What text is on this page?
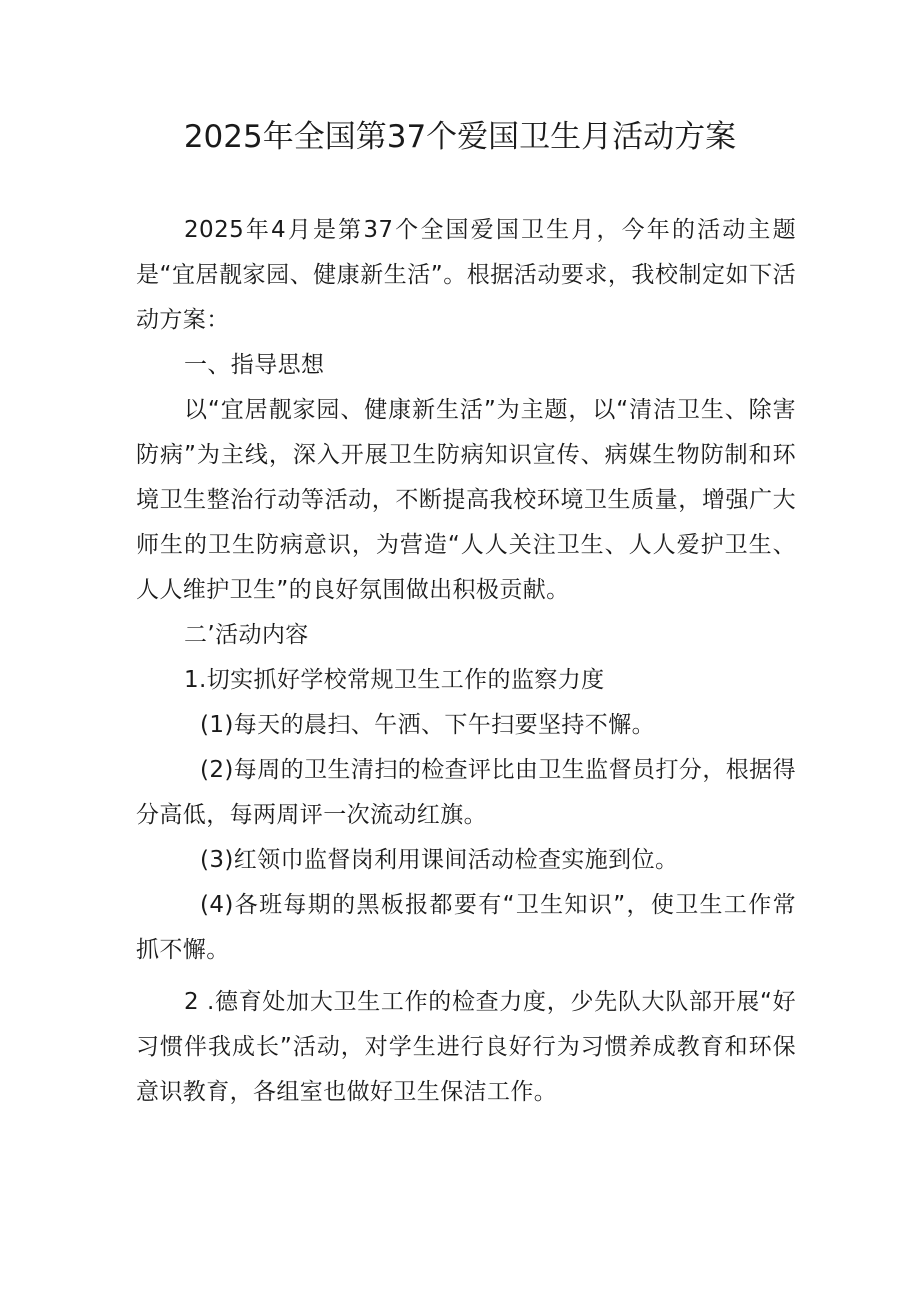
2025年全国第37个爱国卫生月活动方案

2025年4月是第37个全国爱国卫生月，今年的活动主题是“宜居靓家园、健康新生活”。根据活动要求，我校制定如下活动方案：

一、指导思想

以“宜居靓家园、健康新生活”为主题，以“清洁卫生、除害防病”为主线，深入开展卫生防病知识宣传、病媒生物防制和环境卫生整治行动等活动，不断提高我校环境卫生质量，增强广大师生的卫生防病意识，为营造“人人关注卫生、人人爱护卫生、人人维护卫生”的良好氛围做出积极贡献。

二’活动内容

1.切实抓好学校常规卫生工作的监察力度

(1)每天的晨扫、午洒、下午扫要坚持不懈。

(2)每周的卫生清扫的检查评比由卫生监督员打分，根据得分高低，每两周评一次流动红旗。

(3)红领巾监督岗利用课间活动检查实施到位。

(4)各班每期的黑板报都要有“卫生知识”，使卫生工作常抓不懈。

2 .德育处加大卫生工作的检查力度，少先队大队部开展“好习惯伴我成长”活动，对学生进行良好行为习惯养成教育和环保意识教育，各组室也做好卫生保洁工作。
